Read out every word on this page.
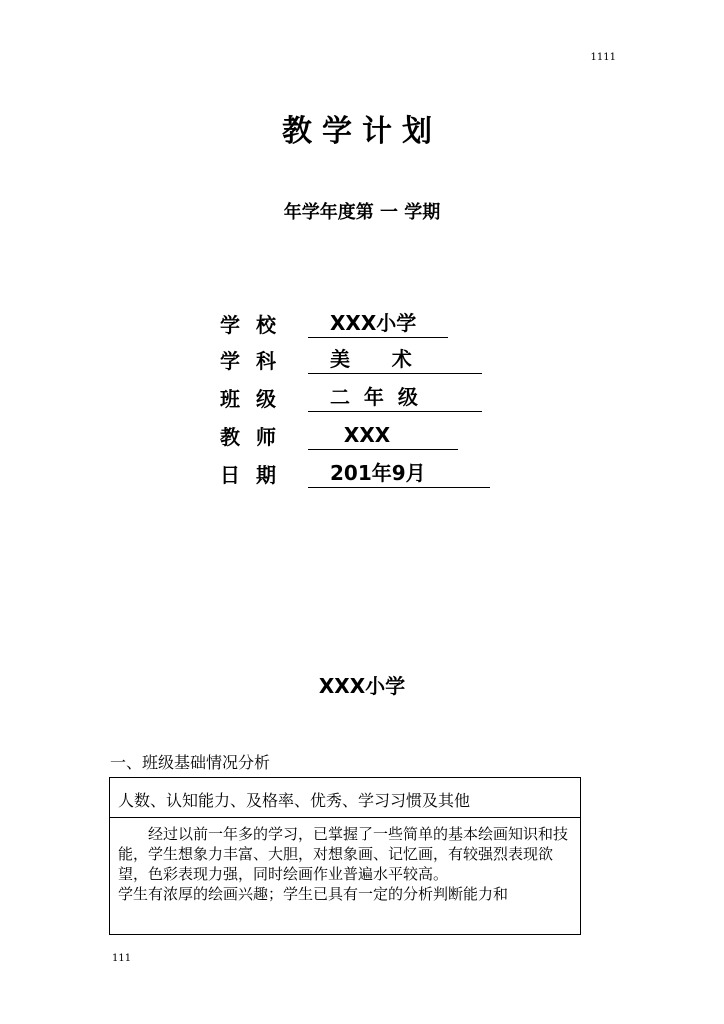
1111
教学计划
年学年度第 一 学期
学校	XXX小学
学科	美      术
班级	二  年  级
教师	XXX
日期	201年9月
XXX小学
一、班级基础情况分析
人数、认知能力、及格率、优秀、学习习惯及其他
经过以前一年多的学习，已掌握了一些简单的基本绘画知识和技能，学生想象力丰富、大胆，对想象画、记忆画，有较强烈表现欲望，色彩表现力强，同时绘画作业普遍水平较高。
学生有浓厚的绘画兴趣；学生已具有一定的分析判断能力和
111
